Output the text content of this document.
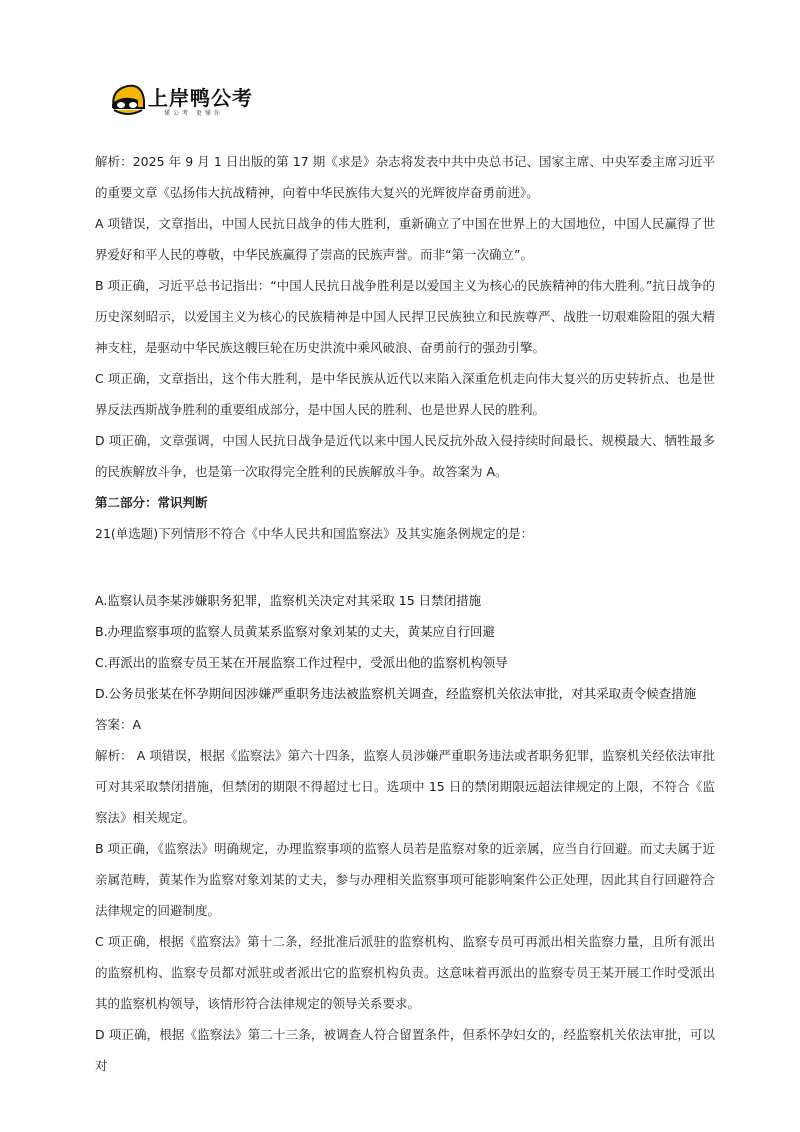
上岸鸭公考
懂公考 更懂你

解析：2025 年 9 月 1 日出版的第 17 期《求是》杂志将发表中共中央总书记、国家主席、中央军委主席习近平的重要文章《弘扬伟大抗战精神，向着中华民族伟大复兴的光辉彼岸奋勇前进》。

A 项错误，文章指出，中国人民抗日战争的伟大胜利，重新确立了中国在世界上的大国地位，中国人民赢得了世界爱好和平人民的尊敬，中华民族赢得了崇高的民族声誉。而非“第一次确立”。

B 项正确，习近平总书记指出：“中国人民抗日战争胜利是以爱国主义为核心的民族精神的伟大胜利。”抗日战争的历史深刻昭示，以爱国主义为核心的民族精神是中国人民捍卫民族独立和民族尊严、战胜一切艰难险阻的强大精神支柱，是驱动中华民族这艘巨轮在历史洪流中乘风破浪、奋勇前行的强劲引擎。

C 项正确，文章指出，这个伟大胜利，是中华民族从近代以来陷入深重危机走向伟大复兴的历史转折点、也是世界反法西斯战争胜利的重要组成部分，是中国人民的胜利、也是世界人民的胜利。

D 项正确，文章强调，中国人民抗日战争是近代以来中国人民反抗外敌入侵持续时间最长、规模最大、牺牲最多的民族解放斗争，也是第一次取得完全胜利的民族解放斗争。故答案为 A。

第二部分：常识判断

21(单选题)下列情形不符合《中华人民共和国监察法》及其实施条例规定的是：

A.监察认员李某涉嫌职务犯罪，监察机关决定对其采取 15 日禁闭措施

B.办理监察事项的监察人员黄某系监察对象刘某的丈夫，黄某应自行回避

C.再派出的监察专员王某在开展监察工作过程中，受派出他的监察机构领导

D.公务员张某在怀孕期间因涉嫌严重职务违法被监察机关调查，经监察机关依法审批，对其采取责令候查措施

答案：A

解析： A 项错误，根据《监察法》第六十四条，监察人员涉嫌严重职务违法或者职务犯罪，监察机关经依法审批可对其采取禁闭措施，但禁闭的期限不得超过七日。选项中 15 日的禁闭期限远超法律规定的上限，不符合《监察法》相关规定。

B 项正确，《监察法》明确规定，办理监察事项的监察人员若是监察对象的近亲属，应当自行回避。而丈夫属于近亲属范畴，黄某作为监察对象刘某的丈夫，参与办理相关监察事项可能影响案件公正处理，因此其自行回避符合法律规定的回避制度。

C 项正确，根据《监察法》第十二条，经批准后派驻的监察机构、监察专员可再派出相关监察力量，且所有派出的监察机构、监察专员都对派驻或者派出它的监察机构负责。这意味着再派出的监察专员王某开展工作时受派出其的监察机构领导，该情形符合法律规定的领导关系要求。

D 项正确，根据《监察法》第二十三条，被调查人符合留置条件，但系怀孕妇女的，经监察机关依法审批，可以对
